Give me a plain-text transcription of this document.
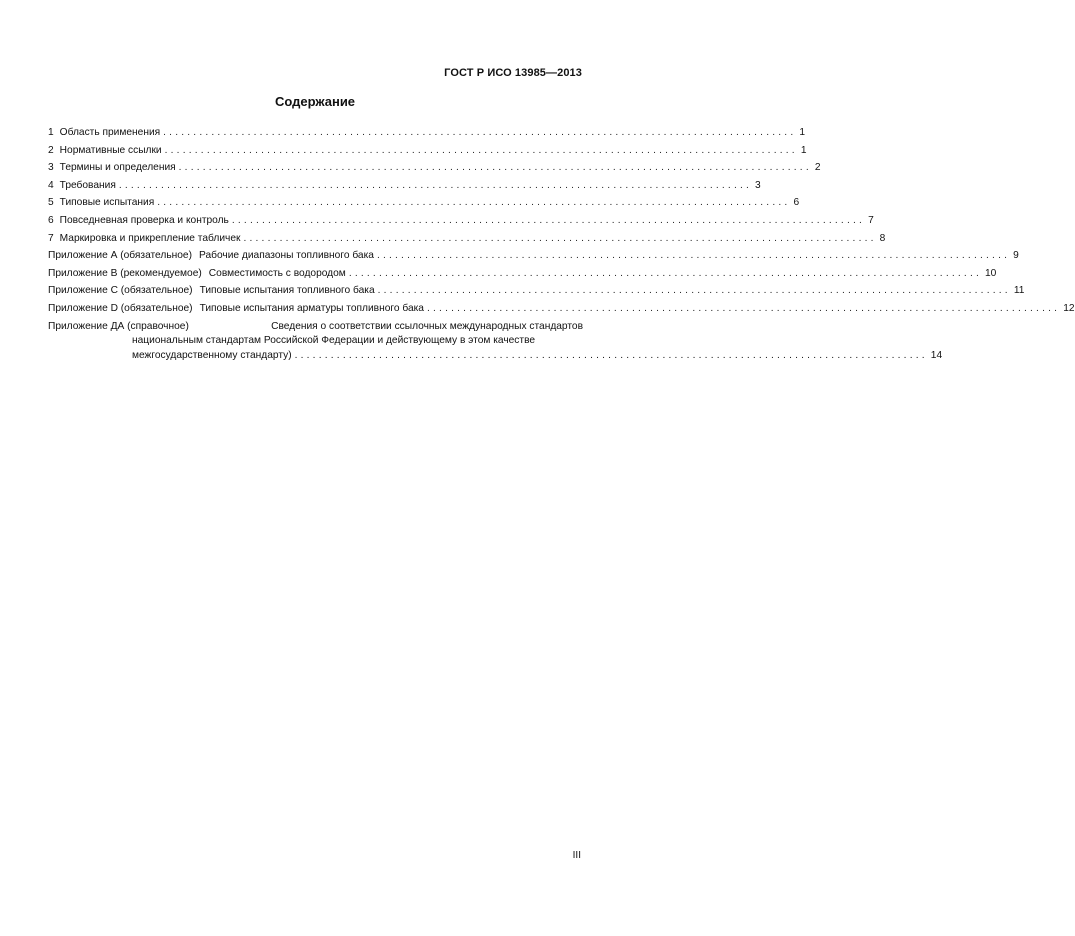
ГОСТ Р ИСО 13985—2013
Содержание
1 Область применения ......................................................................................................... 1
2 Нормативные ссылки ......................................................................................................... 1
3 Термины и определения ......................................................................................................... 2
4 Требования ......................................................................................................... 3
5 Типовые испытания ......................................................................................................... 6
6 Повседневная проверка и контроль ......................................................................................................... 7
7 Маркировка и прикрепление табличек ......................................................................................................... 8
Приложение А (обязательное) Рабочие диапазоны топливного бака ......................................................................................................... 9
Приложение В (рекомендуемое) Совместимость с водородом ......................................................................................................... 10
Приложение С (обязательное) Типовые испытания топливного бака ......................................................................................................... 11
Приложение D (обязательное) Типовые испытания арматуры топливного бака ......................................................................................................... 12
Приложение ДА (справочное)	Сведения о соответствии ссылочных международных стандартов
национальным стандартам Российской Федерации и действующему в этом качестве
межгосударственному стандарту) ......................................................................................................... 14
III
